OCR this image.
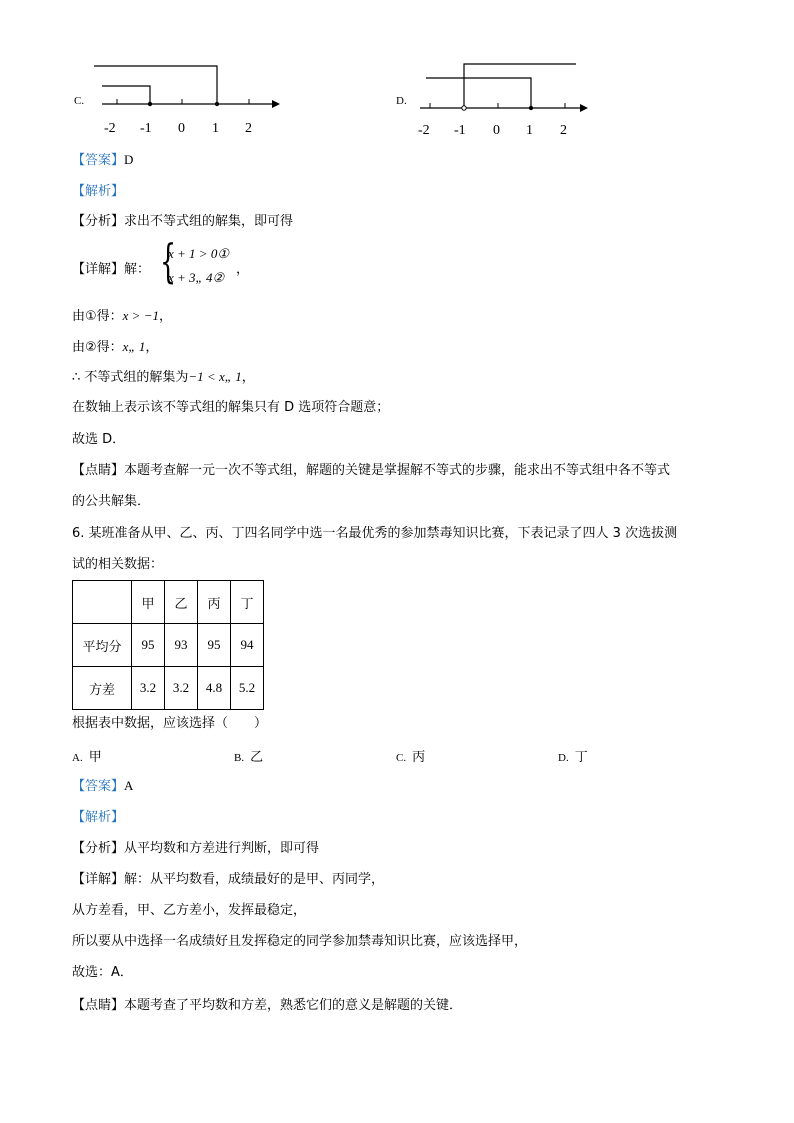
C.
-2 -1 0 1 2
D.
-2 -1 0 1 2
【答案】D
【解析】
【分析】求出不等式组的解集，即可得
【详解】解： {
x + 1 > 0①
x + 3„ 4②
，
由①得：x > −1，
由②得：x„ 1，
∴ 不等式组的解集为−1 < x„ 1，
在数轴上表示该不等式组的解集只有 D 选项符合题意；
故选 D．
【点睛】本题考查解一元一次不等式组，解题的关键是掌握解不等式的步骤，能求出不等式组中各不等式
的公共解集．
6. 某班准备从甲、乙、丙、丁四名同学中选一名最优秀的参加禁毒知识比赛，下表记录了四人 3 次选拔测
试的相关数据：
	甲	乙	丙	丁
平均分	95	93	95	94
方差	3.2	3.2	4.8	5.2
根据表中数据，应该选择（　　）
A. 甲	B. 乙	C. 丙	D. 丁
【答案】A
【解析】
【分析】从平均数和方差进行判断，即可得
【详解】解：从平均数看，成绩最好的是甲、丙同学，
从方差看，甲、乙方差小，发挥最稳定，
所以要从中选择一名成绩好且发挥稳定的同学参加禁毒知识比赛，应该选择甲，
故选：A．
【点睛】本题考查了平均数和方差，熟悉它们的意义是解题的关键．
